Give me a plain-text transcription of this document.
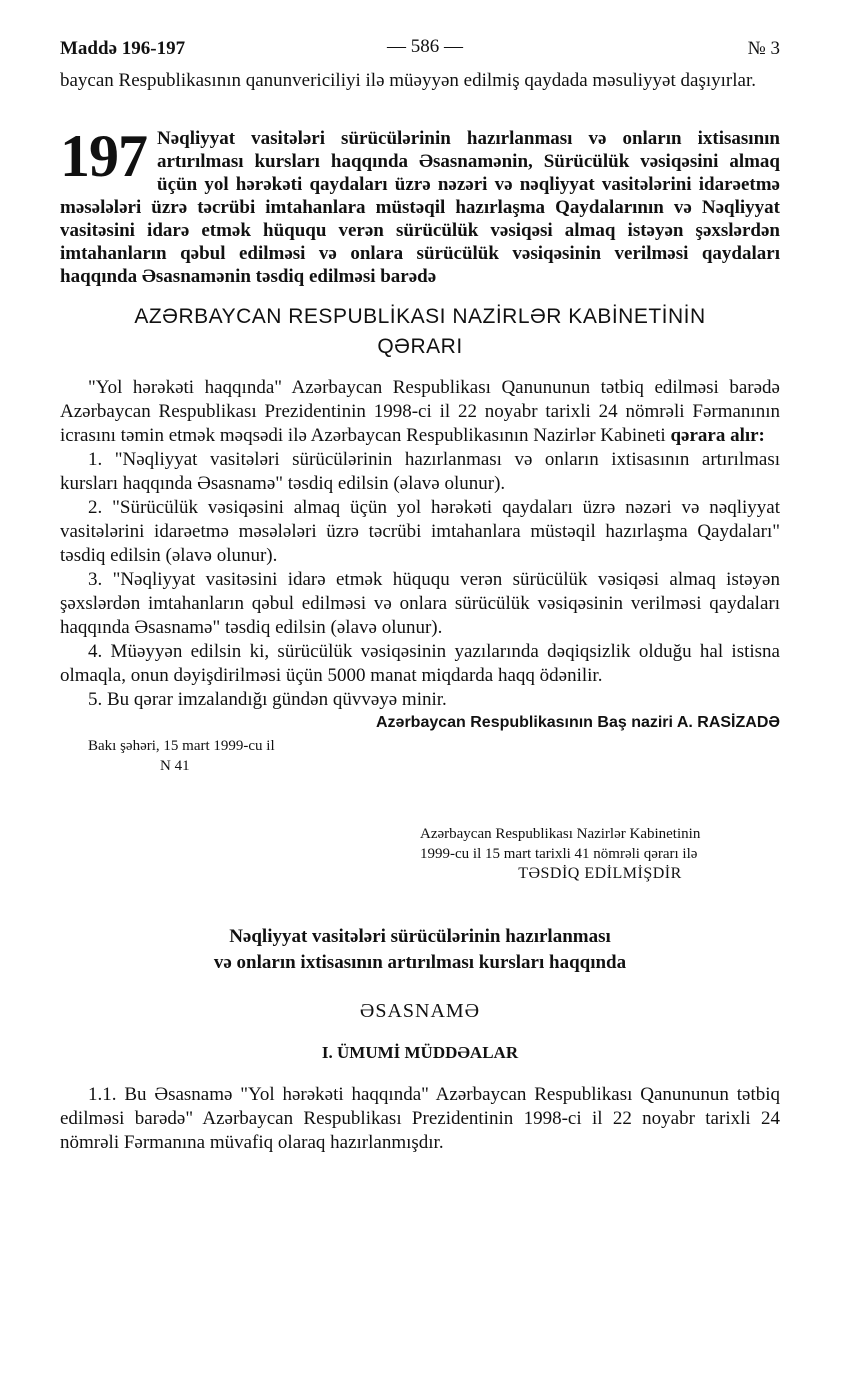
Maddə 196-197	— 586 —	№ 3

baycan Respublikasının qanunvericiliyi ilə müəyyən edilmiş qaydada məsuliyyət daşıyırlar.

197 Nəqliyyat vasitələri sürücülərinin hazırlanması və onların ixtisasının artırılması kursları haqqında Əsasnamənin, Sürücülük vəsiqəsini almaq üçün yol hərəkəti qaydaları üzrə nəzəri və nəqliyyat vasitələrini idarəetmə məsələləri üzrə təcrübi imtahanlara müstəqil hazırlaşma Qaydalarının və Nəqliyyat vasitəsini idarə etmək hüququ verən sürücülük vəsiqəsi almaq istəyən şəxslərdən imtahanların qəbul edilməsi və onlara sürücülük vəsiqəsinin verilməsi qaydaları haqqında Əsasnamənin təsdiq edilməsi barədə
AZƏRBAYCAN RESPUBLİKASI NAZİRLƏR KABİNETİNİN
QƏRARI

"Yol hərəkəti haqqında" Azərbaycan Respublikası Qanununun tətbiq edilməsi barədə Azərbaycan Respublikası Prezidentinin 1998-ci il 22 noyabr tarixli 24 nömrəli Fərmanının icrasını təmin etmək məqsədi ilə Azərbaycan Respublikasının Nazirlər Kabineti qərara alır:

1. "Nəqliyyat vasitələri sürücülərinin hazırlanması və onların ixtisasının artırılması kursları haqqında Əsasnamə" təsdiq edilsin (əlavə olunur).

2. "Sürücülük vəsiqəsini almaq üçün yol hərəkəti qaydaları üzrə nəzəri və nəqliyyat vasitələrini idarəetmə məsələləri üzrə təcrübi imtahanlara müstəqil hazırlaşma Qaydaları" təsdiq edilsin (əlavə olunur).

3. "Nəqliyyat vasitəsini idarə etmək hüququ verən sürücülük vəsiqəsi almaq istəyən şəxslərdən imtahanların qəbul edilməsi və onlara sürücülük vəsiqəsinin verilməsi qaydaları haqqında Əsasnamə" təsdiq edilsin (əlavə olunur).

4. Müəyyən edilsin ki, sürücülük vəsiqəsinin yazılarında dəqiqsizlik olduğu hal istisna olmaqla, onun dəyişdirilməsi üçün 5000 manat miqdarda haqq ödənilir.

5. Bu qərar imzalandığı gündən qüvvəyə minir.

Azərbaycan Respublikasının Baş naziri A. RASİZADƏ
Bakı şəhəri, 15 mart 1999-cu il
N 41
Azərbaycan Respublikası Nazirlər Kabinetinin
1999-cu il 15 mart tarixli 41 nömrəli qərarı ilə
TƏSDİQ EDİLMİŞDİR
Nəqliyyat vasitələri sürücülərinin hazırlanması
və onların ixtisasının artırılması kursları haqqında
ƏSASNAMƏ
I. ÜMUMİ MÜDDƏALAR

1.1. Bu Əsasnamə "Yol hərəkəti haqqında" Azərbaycan Respublikası Qanununun tətbiq edilməsi barədə" Azərbaycan Respublikası Prezidentinin 1998-ci il 22 noyabr tarixli 24 nömrəli Fərmanına müvafiq olaraq hazırlanmışdır.
